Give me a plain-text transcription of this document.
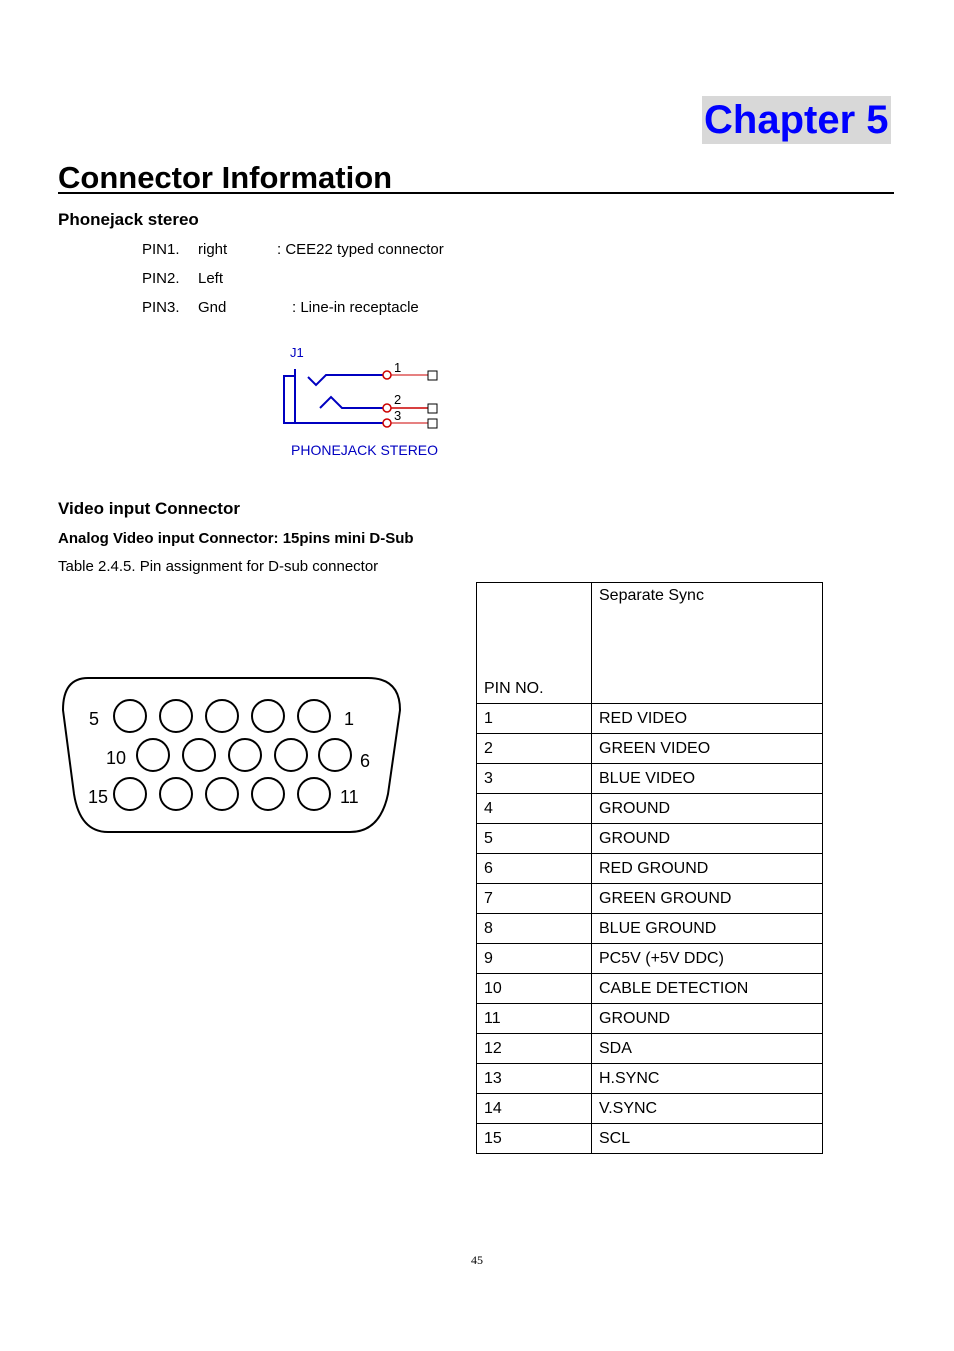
Chapter 5
Connector Information
Phonejack stereo
PIN1. right	: CEE22 typed connector
PIN2. Left
PIN3. Gnd	: Line-in receptacle
J1
1
2
3
PHONEJACK STEREO
Video input Connector
Analog Video input Connector: 15pins mini D-Sub
Table 2.4.5. Pin assignment for D-sub connector
5	1
10	6
15	11
PIN NO.	Separate Sync
1	RED VIDEO
2	GREEN VIDEO
3	BLUE VIDEO
4	GROUND
5	GROUND
6	RED GROUND
7	GREEN GROUND
8	BLUE GROUND
9	PC5V (+5V DDC)
10	CABLE DETECTION
11	GROUND
12	SDA
13	H.SYNC
14	V.SYNC
15	SCL
45
